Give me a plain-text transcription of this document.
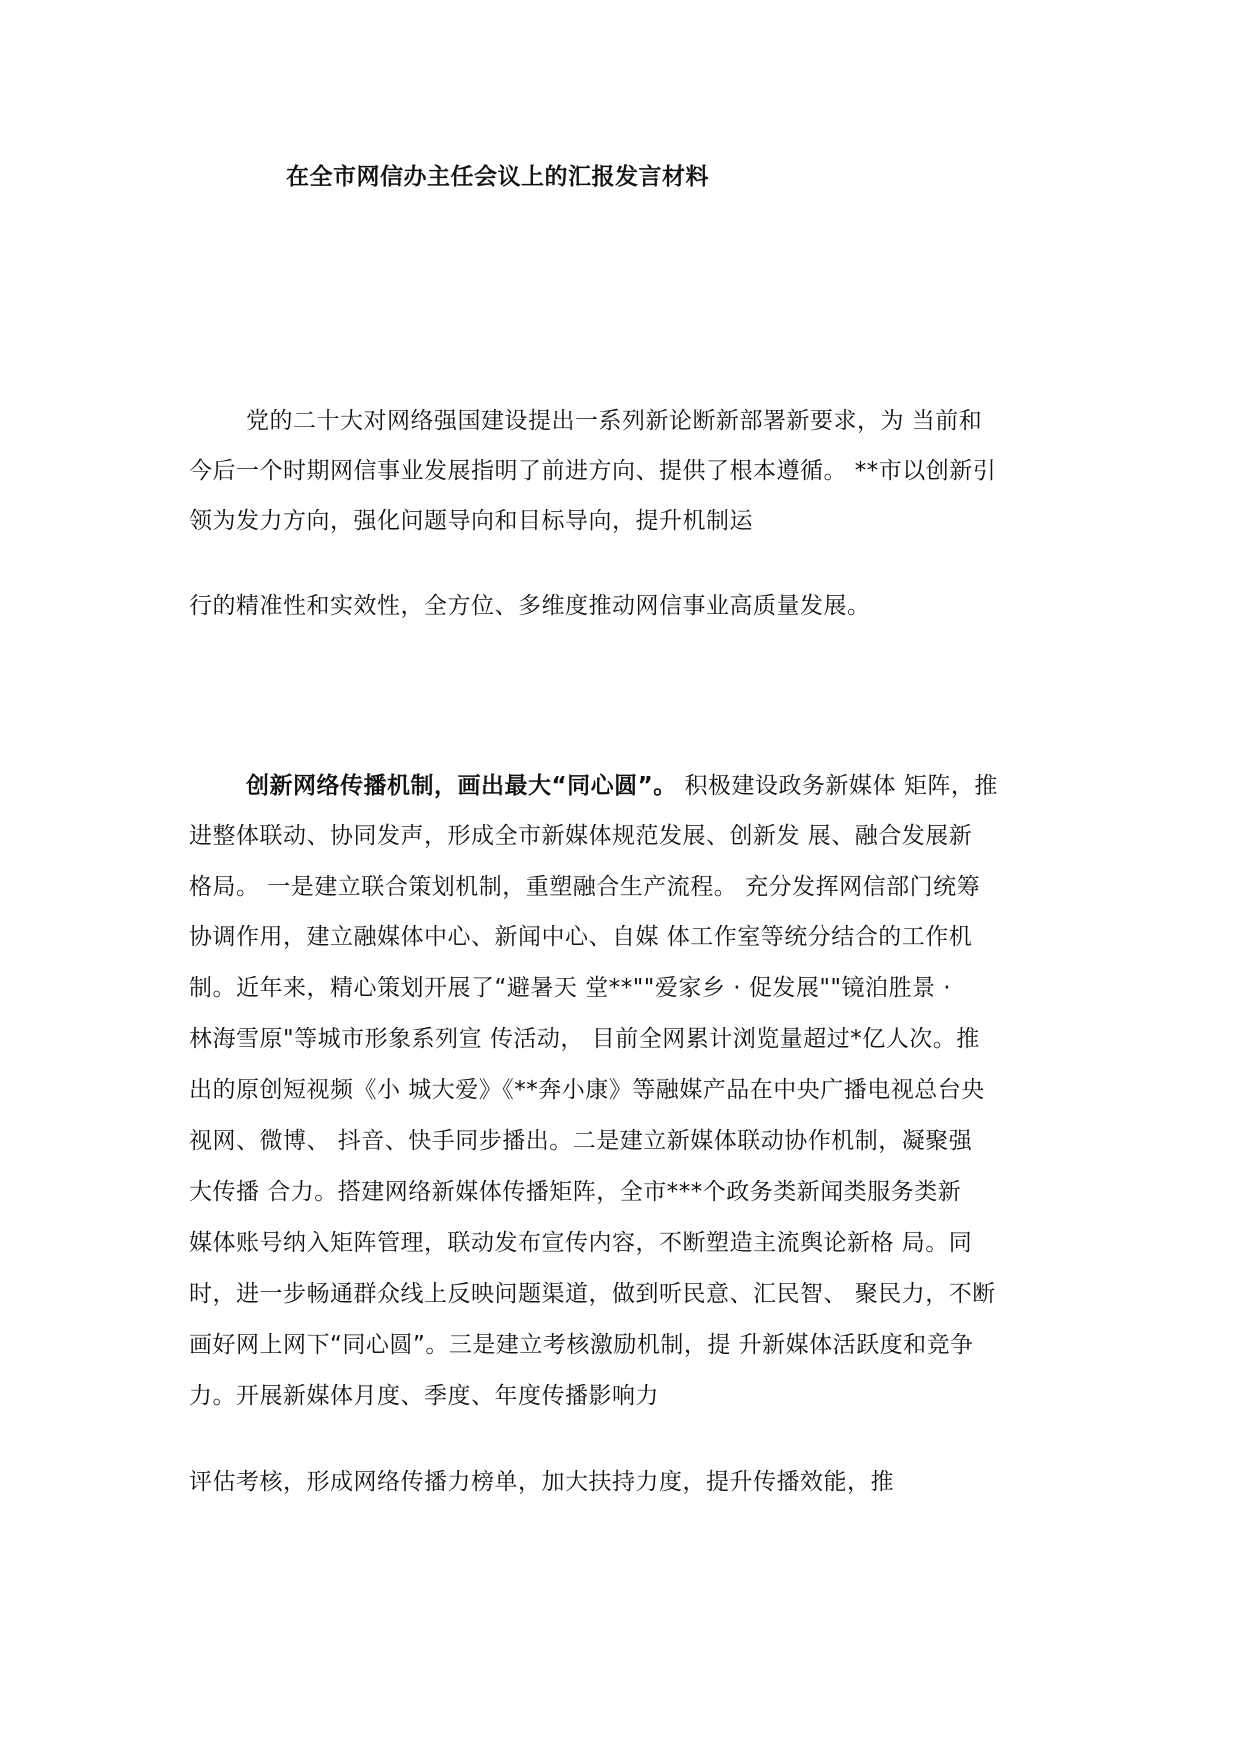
在全市网信办主任会议上的汇报发言材料
党的二十大对网络强国建设提出一系列新论断新部署新要求，为 当前和
今后一个时期网信事业发展指明了前进方向、提供了根本遵循。 **市以创新引
领为发力方向，强化问题导向和目标导向，提升机制运
行的精准性和实效性，全方位、多维度推动网信事业高质量发展。
创新网络传播机制，画出最大“同心圆”。 积极建设政务新媒体 矩阵，推
进整体联动、协同发声，形成全市新媒体规范发展、创新发 展、融合发展新
格局。 一是建立联合策划机制，重塑融合生产流程。 充分发挥网信部门统筹
协调作用，建立融媒体中心、新闻中心、自媒 体工作室等统分结合的工作机
制。近年来，精心策划开展了“避暑天 堂**""爱家乡 · 促发展""镜泊胜景 ·
林海雪原"等城市形象系列宣 传活动， 目前全网累计浏览量超过*亿人次。推
出的原创短视频《小 城大爱》《**奔小康》等融媒产品在中央广播电视总台央
视网、微博、 抖音、快手同步播出。二是建立新媒体联动协作机制，凝聚强
大传播 合力。搭建网络新媒体传播矩阵，全市***个政务类新闻类服务类新
媒体账号纳入矩阵管理，联动发布宣传内容，不断塑造主流舆论新格 局。同
时，进一步畅通群众线上反映问题渠道，做到听民意、汇民智、 聚民力，不断
画好网上网下“同心圆”。三是建立考核激励机制，提 升新媒体活跃度和竞争
力。开展新媒体月度、季度、年度传播影响力
评估考核，形成网络传播力榜单，加大扶持力度，提升传播效能，推
